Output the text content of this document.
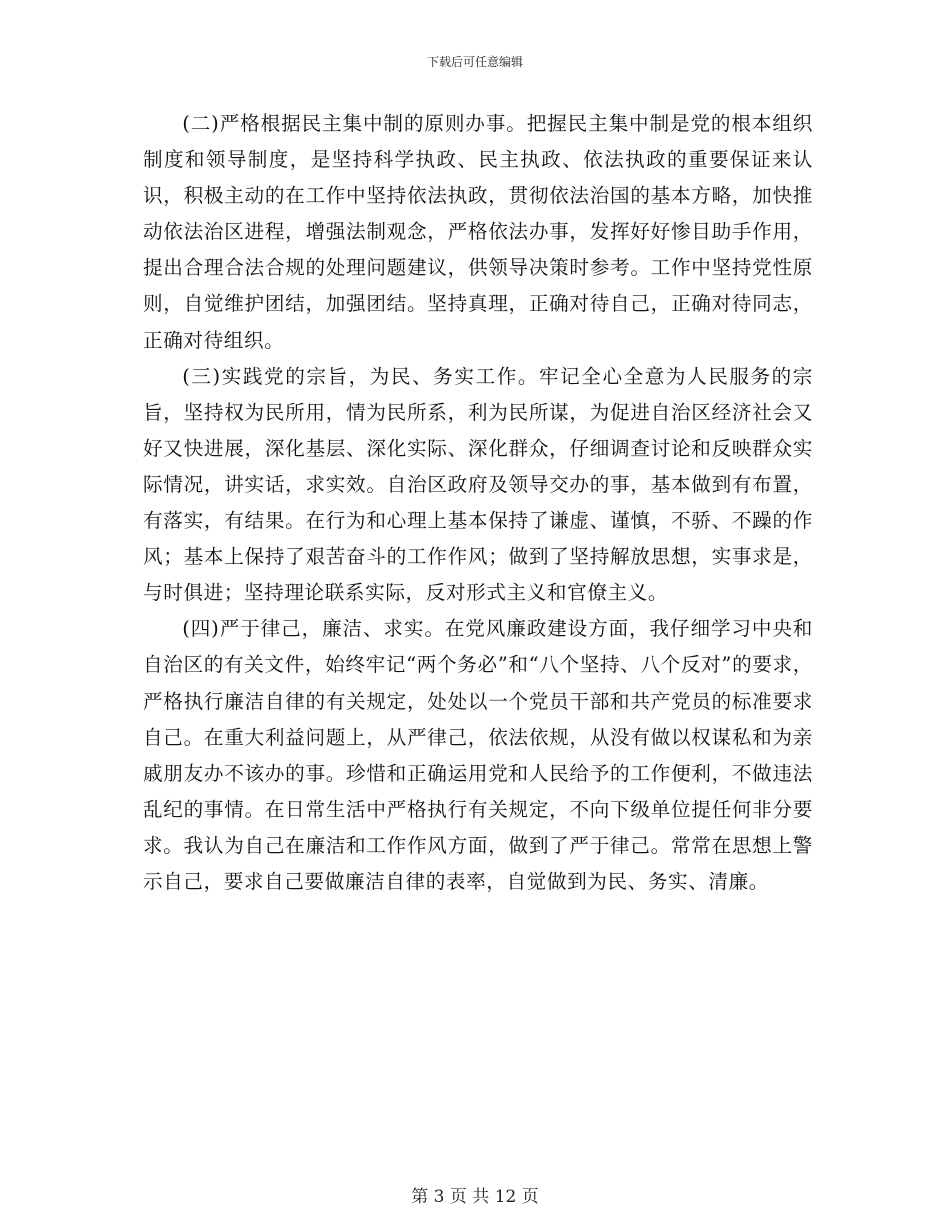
下载后可任意编辑

(二)严格根据民主集中制的原则办事。把握民主集中制是党的根本组织制度和领导制度，是坚持科学执政、民主执政、依法执政的重要保证来认识，积极主动的在工作中坚持依法执政，贯彻依法治国的基本方略，加快推动依法治区进程，增强法制观念，严格依法办事，发挥好好惨目助手作用，提出合理合法合规的处理问题建议，供领导决策时参考。工作中坚持党性原则，自觉维护团结，加强团结。坚持真理，正确对待自己，正确对待同志，正确对待组织。

(三)实践党的宗旨，为民、务实工作。牢记全心全意为人民服务的宗旨，坚持权为民所用，情为民所系，利为民所谋，为促进自治区经济社会又好又快进展，深化基层、深化实际、深化群众，仔细调查讨论和反映群众实际情况，讲实话，求实效。自治区政府及领导交办的事，基本做到有布置，有落实，有结果。在行为和心理上基本保持了谦虚、谨慎，不骄、不躁的作风；基本上保持了艰苦奋斗的工作作风；做到了坚持解放思想，实事求是，与时俱进；坚持理论联系实际，反对形式主义和官僚主义。

(四)严于律己，廉洁、求实。在党风廉政建设方面，我仔细学习中央和自治区的有关文件，始终牢记“两个务必”和“八个坚持、八个反对”的要求，严格执行廉洁自律的有关规定，处处以一个党员干部和共产党员的标准要求自己。在重大利益问题上，从严律己，依法依规，从没有做以权谋私和为亲戚朋友办不该办的事。珍惜和正确运用党和人民给予的工作便利，不做违法乱纪的事情。在日常生活中严格执行有关规定，不向下级单位提任何非分要求。我认为自己在廉洁和工作作风方面，做到了严于律己。常常在思想上警示自己，要求自己要做廉洁自律的表率，自觉做到为民、务实、清廉。

第 3 页 共 12 页
